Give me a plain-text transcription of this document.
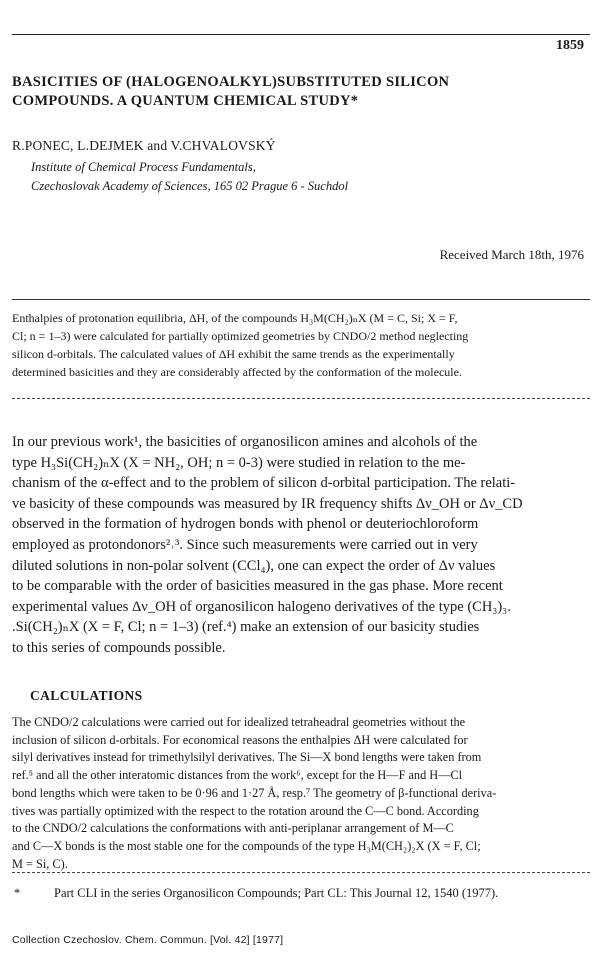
1859
BASICITIES OF (HALOGENOALKYL)SUBSTITUTED SILICON
COMPOUNDS. A QUANTUM CHEMICAL STUDY*
R.PONEC, L.DEJMEK and V.CHVALOVSKÝ
Institute of Chemical Process Fundamentals,
Czechoslovak Academy of Sciences, 165 02 Prague 6 - Suchdol
Received March 18th, 1976
Enthalpies of protonation equilibria, ΔH, of the compounds H₃M(CH₂)ₙX (M = C, Si; X = F,
Cl; n = 1–3) were calculated for partially optimized geometries by CNDO/2 method neglecting
silicon d-orbitals. The calculated values of ΔH exhibit the same trends as the experimentally
determined basicities and they are considerably affected by the conformation of the molecule.
In our previous work¹, the basicities of organosilicon amines and alcohols of the
type H₃Si(CH₂)ₙX (X = NH₂, OH; n = 0-3) were studied in relation to the me-
chanism of the α-effect and to the problem of silicon d-orbital participation. The relati-
ve basicity of these compounds was measured by IR frequency shifts Δν_OH or Δν_CD
observed in the formation of hydrogen bonds with phenol or deuteriochloroform
employed as protondonors²˒³. Since such measurements were carried out in very
diluted solutions in non-polar solvent (CCl₄), one can expect the order of Δν values
to be comparable with the order of basicities measured in the gas phase. More recent
experimental values Δν_OH of organosilicon halogeno derivatives of the type (CH₃)₃.
.Si(CH₂)ₙX (X = F, Cl; n = 1–3) (ref.⁴) make an extension of our basicity studies
to this series of compounds possible.
CALCULATIONS
The CNDO/2 calculations were carried out for idealized tetraheadral geometries without the
inclusion of silicon d-orbitals. For economical reasons the enthalpies ΔH were calculated for
silyl derivatives instead for trimethylsilyl derivatives. The Si—X bond lengths were taken from
ref.⁵ and all the other interatomic distances from the work⁶, except for the H—F and H—Cl
bond lengths which were taken to be 0·96 and 1·27 Å, resp.⁷ The geometry of β-functional deriva-
tives was partially optimized with the respect to the rotation around the C—C bond. According
to the CNDO/2 calculations the conformations with anti-periplanar arrangement of M—C
and C—X bonds is the most stable one for the compounds of the type H₃M(CH₂)₂X (X = F, Cl;
M = Si, C).
*	Part CLI in the series Organosilicon Compounds; Part CL: This Journal 12, 1540 (1977).
Collection Czechoslov. Chem. Commun. [Vol. 42] [1977]
